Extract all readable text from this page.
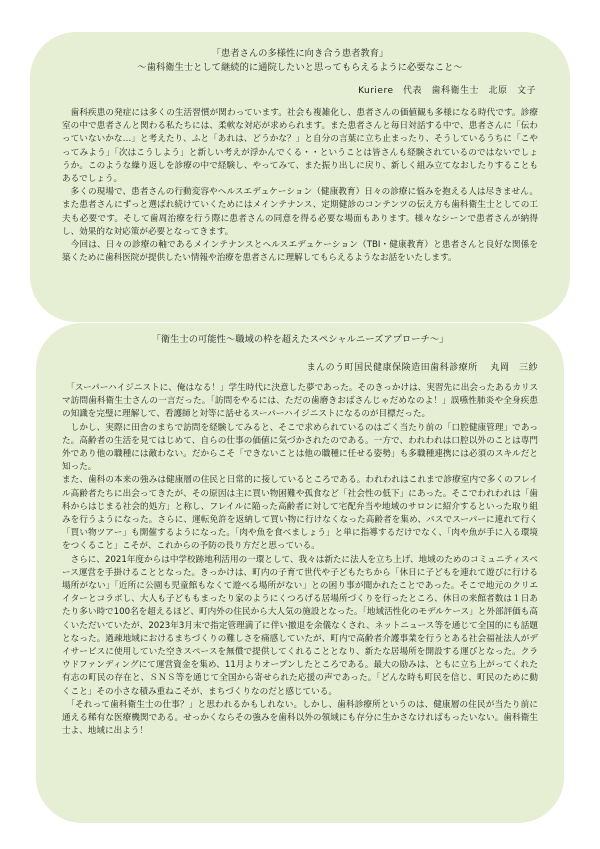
「患者さんの多様性に向き合う患者教育」
～歯科衛生士として継続的に通院したいと思ってもらえるように必要なこと～
Kuriere　代表　歯科衛生士　北原　文子

　歯科疾患の発症には多くの生活習慣が関わっています。社会も複雑化し、患者さんの価値観も多様になる時代です。診療室の中で患者さんと関わる私たちには、柔軟な対応が求められます。また患者さんと毎日対話する中で、患者さんに「伝わっていないかな…」と考えたり、ふと「あれは、どうかな？」と自分の言葉に立ち止まったり、そうしているうちに「こやってみよう」「次はこうしよう」と新しい考えが浮かんでくる・・ということは皆さんも経験されているのではないでしょうか。このような繰り返しを診療の中で経験し、やってみて、また振り出しに戻り、新しく組み立てなおしたりすることもあるでしょう。
　多くの現場で、患者さんの行動変容やヘルスエデュケーション（健康教育）日々の診療に悩みを抱える人は尽きません。また患者さんにずっと選ばれ続けていくためにはメインテナンス、定期健診のコンテンツの伝え方も歯科衛生士としての工夫も必要です。そして歯周治療を行う際に患者さんの同意を得る必要な場面もあります。様々なシーンで患者さんが納得し、効果的な対応策が必要となってきます。
　今回は、日々の診療の軸であるメインテナンスとヘルスエデュケーション（TBI・健康教育）と患者さんと良好な関係を築くために歯科医院が提供したい情報や治療を患者さんに理解してもらえるようなお話をいたします。

「衛生士の可能性～職域の枠を超えたスペシャルニーズアプローチ～」
まんのう町国民健康保険造田歯科診療所　 丸岡　三紗

　「スーパーハイジニストに、俺はなる！」学生時代に決意した夢であった。そのきっかけは、実習先に出会ったあるカリスマ訪問歯科衛生士さんの一言だった。「訪問をやるには、ただの歯磨きおばさんじゃだめなのよ！」誤嚥性肺炎や全身疾患の知識を完璧に理解して、看護師と対等に話せるスーパーハイジニストになるのが目標だった。
　しかし、実際に田舎のまちで訪問を経験してみると、そこで求められているのはごく当たり前の「口腔健康管理」であった。高齢者の生活を見てはじめて、自らの仕事の価値に気づかされたのである。一方で、われわれは口腔以外のことは専門外であり他の職種には敵わない。だからこそ「できないことは他の職種に任せる姿勢」も多職種連携には必須のスキルだと知った。
また、歯科の本来の強みは健康層の住民と日常的に接しているところである。われわれはこれまで診療室内で多くのフレイル高齢者たちに出会ってきたが、その原因は主に買い物困難や孤食など「社会性の低下」にあった。そこでわれわれは「歯科からはじまる社会的処方」と称し、フレイルに陥った高齢者に対して宅配弁当や地域のサロンに紹介するといった取り組みを行うようになった。さらに、運転免許を返納して買い物に行けなくなった高齢者を集め、バスでスーパーに連れて行く「買い物ツアー」も開催するようになった。「肉や魚を食べましょう」と単に指導するだけでなく、「肉や魚が手に入る環境をつくること」こそが、これからの予防の長り方だと思っている。
　さらに、2021年度からは中学校跡地利活用の一環として、我々は新たに法人を立ち上げ、地域のためのコミュニティスペース運営を手掛けることとなった。きっかけは、町内の子育て世代や子どもたちから「休日に子どもを連れて遊びに行ける場所がない」「近所に公園も児童館もなくて遊べる場所がない」との困り事が聞かれたことであった。そこで地元のクリエイターとコラボし、大人も子どももまったり家のようにくつろげる居場所づくりを行ったところ、休日の来館者数は１日あたり多い時で100名を超えるほど、町内外の住民から大人気の施設となった。「地域活性化のモデルケース」と外部評価も高くいただいていたが、2023年3月末で指定管理満了に伴い撤退を余儀なくされ、ネットニュース等を通じて全国的にも話題となった。過疎地域におけるまちづくりの難しさを痛感していたが、町内で高齢者介護事業を行うとある社会福祉法人がデイサービスに使用していた空きスペースを無償で提供してくれることとなり、新たな居場所を開設する運びとなった。クラウドファンディングにて運営資金を集め、11月よりオープンしたところである。最大の励みは、ともに立ち上がってくれた有志の町民の存在と、ＳＮＳ等を通じて全国から寄せられた応援の声であった。「どんな時も町民を信じ、町民のために動くこと」その小さな積み重ねこそが、まちづくりなのだと感じている。
　「それって歯科衛生士の仕事？」と思われるかもしれない。しかし、歯科診療所というのは、健康層の住民が当たり前に通える稀有な医療機関である。せっかくならその強みを歯科以外の領域にも存分に生かさなければもったいない。歯科衛生士よ、地域に出よう！
